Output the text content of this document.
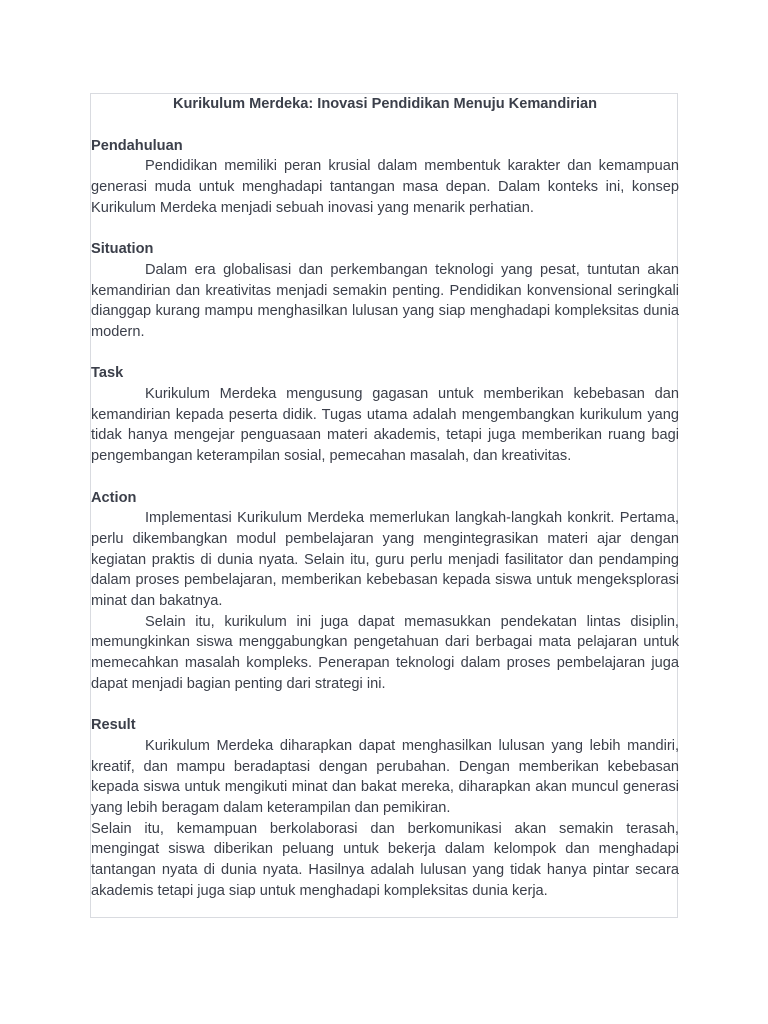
Kurikulum Merdeka: Inovasi Pendidikan Menuju Kemandirian
Pendahuluan

Pendidikan memiliki peran krusial dalam membentuk karakter dan kemampuan generasi muda untuk menghadapi tantangan masa depan. Dalam konteks ini, konsep Kurikulum Merdeka menjadi sebuah inovasi yang menarik perhatian.

Situation

Dalam era globalisasi dan perkembangan teknologi yang pesat, tuntutan akan kemandirian dan kreativitas menjadi semakin penting. Pendidikan konvensional seringkali dianggap kurang mampu menghasilkan lulusan yang siap menghadapi kompleksitas dunia modern.

Task

Kurikulum Merdeka mengusung gagasan untuk memberikan kebebasan dan kemandirian kepada peserta didik. Tugas utama adalah mengembangkan kurikulum yang tidak hanya mengejar penguasaan materi akademis, tetapi juga memberikan ruang bagi pengembangan keterampilan sosial, pemecahan masalah, dan kreativitas.

Action

Implementasi Kurikulum Merdeka memerlukan langkah-langkah konkrit. Pertama, perlu dikembangkan modul pembelajaran yang mengintegrasikan materi ajar dengan kegiatan praktis di dunia nyata. Selain itu, guru perlu menjadi fasilitator dan pendamping dalam proses pembelajaran, memberikan kebebasan kepada siswa untuk mengeksplorasi minat dan bakatnya.

Selain itu, kurikulum ini juga dapat memasukkan pendekatan lintas disiplin, memungkinkan siswa menggabungkan pengetahuan dari berbagai mata pelajaran untuk memecahkan masalah kompleks. Penerapan teknologi dalam proses pembelajaran juga dapat menjadi bagian penting dari strategi ini.

Result

Kurikulum Merdeka diharapkan dapat menghasilkan lulusan yang lebih mandiri, kreatif, dan mampu beradaptasi dengan perubahan. Dengan memberikan kebebasan kepada siswa untuk mengikuti minat dan bakat mereka, diharapkan akan muncul generasi yang lebih beragam dalam keterampilan dan pemikiran.

Selain itu, kemampuan berkolaborasi dan berkomunikasi akan semakin terasah, mengingat siswa diberikan peluang untuk bekerja dalam kelompok dan menghadapi tantangan nyata di dunia nyata. Hasilnya adalah lulusan yang tidak hanya pintar secara akademis tetapi juga siap untuk menghadapi kompleksitas dunia kerja.
